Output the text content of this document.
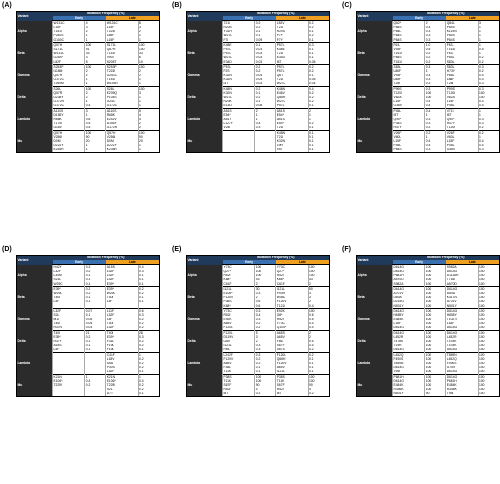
(A)
Variant	Mutation Frequency (%)			
	Early		Late	
Alpha	W131C	4	W131C	8
	L15F	3	L15F	3
	T151I	2	T223I	2
	P240S	1	L85F	1
	G100C	1	L15F	1
Beta	Q57H	100	S171L	100
	S171L	91	Q57H	100
	W131L	33	T151I	33
	G254*	3	V90I	6
	L52F	5	S205T	10
Gamma	S253P	100	S253P	100
	I118M	2	T223I	2
	Q57H	2	G251C	2
	G172C	1	T151I	1
	T269M	1	W193R	1
Delta	S26L	100	S26L	100
	Q57R	2	E239Q	3
	D238Y	2	P104S	1
	G172R	1	G24C	1
	G172C	0.4	G172C	1
Lambda	A110S	3	A110S	5
	D155Y	1	R68K	4
	R68K	0.6	E242V	4
	T175I	0.5	D155Y	2
	I118V	0.5	G172R	2
Mu	Q57H	100	Q57H	100
	V256I	90	V256I	90
	D0M	20	D0M	20
	D222Y	1	D222Y	1
	K235R	1	K235R	1
(B)
Variant	Mutation Frequency (%)			
	Early		Late	
Alpha	T21I	0.2	L52V	0.2
	R20S	0.2	T21I	0.2
	Y31H	0.1	R20S	0.1
	W27L	0.1	P7F	0.2
	F7I	0.09	F7Y	0.1
Beta	K48E	0.1	P57L	0.3
	P57L	0.03	K48E	0.1
	P57L	0.03	T21I	0.1
	W27L	0.03	E34D	0.1
	E34D	0.03	I5T	0.05
Gamma	P57L	0.2	P57L	0.2
	F2S	0.2	P57L	0.2
	K32N	0.04	Q6T	0.1
	K32N	0.04	T21I	0.05
	I3T	0.03	W27L	0.04
Delta	K48N	0.2	K48N	0.4
	K32N	0.1	E46V	0.2
	W27L	0.2	Q56R	0.2
	R20K	0.1	W27L	0.2
	E13D	0.08	P57L	0.1
Lambda	A51S	2	A51S	2
	E54*	1	E54*	1
	A51T	1	A51S	1
	L127F	0.4	E54*	0.2
	V24I	0.3	T21I	0.1
Mu			K48N	0.1
			T21I	0.1
			K32N	0.1
			L9H	0.1
			V5I	0.1
(C)
Variant	Mutation Frequency (%)			
	Early		Late	
Alpha	Q62*	2	Q84L	3
	P84S	0.4	P84S	1
	P84L	0.3	K119N	1
	P84S	0.3	P84S	1
	P84S	0.3	P84S	1
Beta	F63-	1.0	F63-	1
	V93F	0.5	T151I	0.5
	T151I	0.2	F63-	1
	P84S	0.2	P84L	0.2
	T151I	0.2	S83L	0.2
Gamma	S83L	0.3	S83L	0.3
	L86F	1	H73Y	0.2
	V93F	0.4	P88L	0.4
	L88F	0.3	L88F	0.3
	T28I	0.3	T28I	0.3
Delta	P99S	0.3	P99S	0.3
	T120I	100	T120I	100
	V82A	100	V82A	100
	L15F	0.4	L15F	0.4
	G38V	0.4	P45L	0.4
Lambda	P45L	0.4	V71I	1
	I5T	1	I5T	1
	Q90*	0.3	Q90*	0.3
	P34S	0.3	H47Y	0.3
	H47Y	0.2	T120I	0.2
Mu	V26F	0.2	V26F	0.2
	V60L	1	V60L	1
	L15F	0.4	L15F	0.4
	P45L	0.4	P45L	0.4
	P84S	0.3	G38V	0.3
(D)
Variant	Mutation Frequency (%)			
	Early		Late	
Alpha	H42Y	0.3	A15S	0.4
	L32F	0.2	L32F	0.3
	L34M	0.1	L32F	0.1
	S21L	0.1	L32F	0.1
	W29C	0.1	E39*	0.1
Beta	E39*	0.2	E39*	0.2
	W29L	0.2	W29L	0.2
	T40I	0.1	T40I	0.1
	L4F	0.1	L4F	0.1

Gamma	L32F	0.07	L11F	0.6
	S2L	0.1	L32F	0.3
	M1I	0.05	L4F	0.2
	T40I	0.05	T40I	0.2
	H37N	0.03	L32F	0.2
Delta	T40I	21	T40I	28
	E39*	0.2	E39*	0.3
	H37Y	0.1	F31L	0.2
	A15S	0.1	F19L	0.2
	L4F	0.1	F19L	0.1
Lambda			C41F	1
			L18V	0.2
			S5A	0.2
			P30S	0.2
			L32F	0.1
Mu	K21N	1	K21N	1
	E106*	0.4	E106*	0.4
	T229I	0.2	T229I	0.2
			S2L	0.2
			D7T	0.1
(E)
Variant	Mutation Frequency (%)			
	Early		Late	
Alpha	Y73C	100	Y73C	100
	Q27*	100	Q27*	100
	R52I	100	R52I	100
	K68*	43	K68*	43
	C61F	2	C61F	2
Beta	I121L	30	I121L	50
	E106*	0.3	P93H	3
	F120V	2	W45L	3
	P38S	0.6	F120V	2
	K68*	0.6	T121I	0.4
Gamma	Y73C	0.3	E92K	100
	R52I	0.4	G8*	0.6
	E92K	0.3	R52I	0.5
	A65V	0.2	Y73C	0.4
	F120L	0.2	Q104*	0.4
Delta	F120L	5	A65S	2
	D119V	3	A65V	2
	G8V	2	F86-	0.5
	I121L	0.3	S67F	0.4
	F86-	0.3	S67S	0.2
Lambda	L242F	0.3	F120L	0.2
	F120V	0.2	Q66H	0.1
	A65V	0.2	F120V	0.1
	F38L	0.1	A65V	0.1
	T11K	0.1	I121L	0.1
Mu	P38S	100	P38S	100
	T11K	100	T11K	100
	S67F	90	S67F	90
	R52I	4	R52I	4
	I8T	0.2	I8T	0.2
(F)
Variant	Mutation Frequency (%)			
	Early		Late	
Alpha	D614G	100	S982A	100
	D614G	100	D614G	100
	P681H	100	D1118H	100
	A570D	100	T716I	100
	S982A	100	A570D	100
Beta	D614G	100	D614G	100
	A701V	100	D80A	100
	D80A	100	K417N	100
	D215G	100	A701V	100
	N501Y	100	N501Y	100
Gamma	D614G	100	D614G	100
	H655Y	100	H655Y	100
	E484K	100	T1027I	100
	L18F	100	L18F	100
	D614G	100	D614G	100
Delta	D614G	100	D614G	100
	L452R	100	L452R	100
	T478K	100	T478K	100
	T19R	100	T478K	100
	D614G	100	D614G	100
Lambda	L452Q	100	T859N	100
	F490S	100	L452Q	100
	T859N	100	F490S	100
	D614G	100	G75V	100
	T95I	100	D614G	100
Mu	P681H	100	D614G	100
	D614G	100	P681H	100
	E484K	100	E484K	100
	R346K	100	R346K	100
	N501Y	90	T95I	100
